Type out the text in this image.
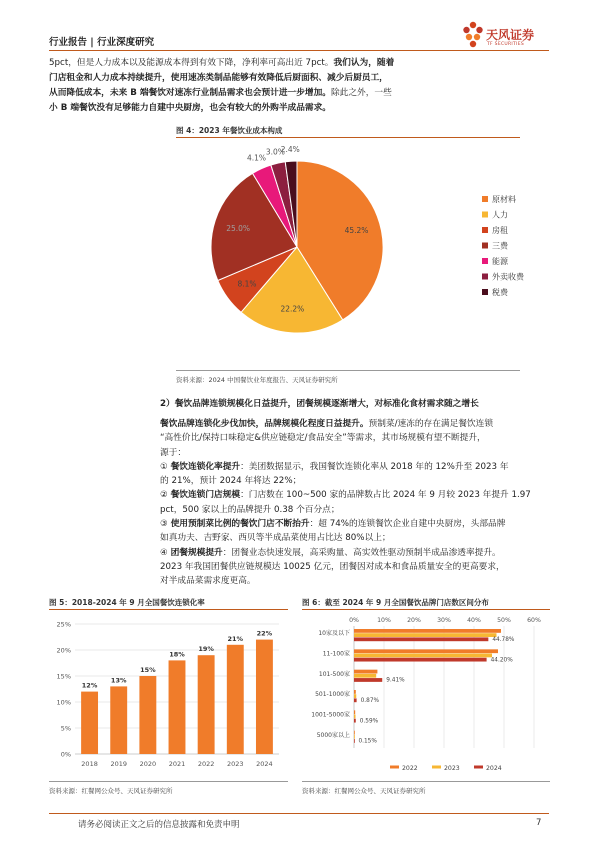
行业报告 | 行业深度研究
天风证券
TF SECURITIES
5pct，但是人力成本以及能源成本得到有效下降，净利率可高出近 7pct。我们认为，随着
门店租金和人力成本持续提升，使用速冻类制品能够有效降低后厨面积、减少后厨员工，
从而降低成本，未来 B 端餐饮对速冻行业制品需求也会预计进一步增加。除此之外，一些
小 B 端餐饮没有足够能力自建中央厨房，也会有较大的外购半成品需求。
图 4：2023 年餐饮业成本构成
45.2%
22.2%
8.1%
25.0%
4.1%
3.0%
2.4%
原材料
人力
房租
三费
能源
外卖收费
税费
资料来源：2024 中国餐饮业年度报告、天风证券研究所
2）餐饮品牌连锁规模化日益提升，团餐规模逐渐增大，对标准化食材需求随之增长
餐饮品牌连锁化步伐加快，品牌规模化程度日益提升。预制菜/速冻的存在满足餐饮连锁
“高性价比/保持口味稳定&供应链稳定/食品安全”等需求，其市场规模有望不断提升，
源于：
① 餐饮连锁化率提升：美团数据显示，我国餐饮连锁化率从 2018 年的 12%升至 2023 年
的 21%，预计 2024 年将达 22%；
② 餐饮连锁门店规模：门店数在 100~500 家的品牌数占比 2024 年 9 月较 2023 年提升 1.97
pct，500 家以上的品牌提升 0.38 个百分点；
③ 使用预制菜比例的餐饮门店不断抬升：超 74%的连锁餐饮企业自建中央厨房，头部品牌
如真功夫、吉野家、西贝等半成品菜使用占比达 80%以上；
④ 团餐规模提升：团餐业态快速发展，高采购量、高实效性驱动预制半成品渗透率提升。
2023 年我国团餐供应链规模达 10025 亿元，团餐因对成本和食品质量安全的更高要求，
对半成品菜需求度更高。
图 5：2018-2024 年 9 月全国餐饮连锁化率
0%
5%
10%
15%
20%
25%
12%
2018
13%
2019
15%
2020
18%
2021
19%
2022
21%
2023
22%
2024
资料来源：红餐网公众号、天风证券研究所
图 6：截至 2024 年 9 月全国餐饮品牌门店数区间分布
0%	10%	20%	30%	40%	50%	60%
44.78%
10家及以下
44.20%
11-100家
9.41%
101-500家
0.87%
501-1000家
0.59%
1001-5000家
0.15%
5000家以上
2022	2023	2024
资料来源：红餐网公众号、天风证券研究所
请务必阅读正文之后的信息披露和免责申明	7
